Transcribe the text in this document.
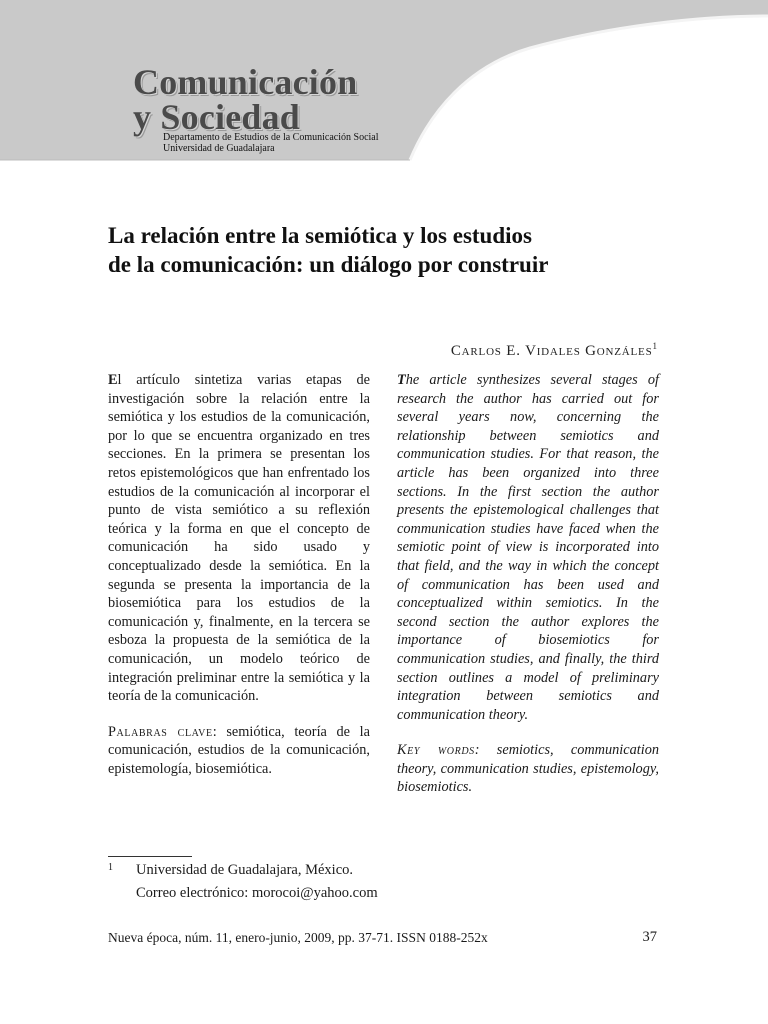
Comunicación
y Sociedad
Departamento de Estudios de la Comunicación Social
Universidad de Guadalajara
La relación entre la semiótica y los estudios
de la comunicación: un diálogo por construir
Carlos E. Vidales Gonzáles$^1$

El artículo sintetiza varias etapas de investigación sobre la relación entre la semiótica y los estudios de la comunicación, por lo que se encuentra organizado en tres secciones. En la primera se presentan los retos epistemológicos que han enfrentado los estudios de la comunicación al incorporar el punto de vista semiótico a su reflexión teórica y la forma en que el concepto de comunicación ha sido usado y conceptualizado desde la semiótica. En la segunda se presenta la importancia de la biosemiótica para los estudios de la comunicación y, finalmente, en la tercera se esboza la propuesta de la semiótica de la comunicación, un modelo teórico de integración preliminar entre la semiótica y la teoría de la comunicación.

Palabras clave: semiótica, teoría de la comunicación, estudios de la comunicación, epistemología, biosemiótica.

The article synthesizes several stages of research the author has carried out for several years now, concerning the relationship between semiotics and communication studies. For that reason, the article has been organized into three sections. In the first section the author presents the epistemological challenges that communication studies have faced when the semiotic point of view is incorporated into that field, and the way in which the concept of communication has been used and conceptualized within semiotics. In the second section the author explores the importance of biosemiotics for communication studies, and finally, the third section outlines a model of preliminary integration between semiotics and communication theory.

Key words: semiotics, communication theory, communication studies, epistemology, biosemiotics.

1 Universidad de Guadalajara, México.
Correo electrónico: morocoi@yahoo.com
Nueva época, núm. 11, enero-junio, 2009, pp. 37-71. ISSN 0188-252x	37
